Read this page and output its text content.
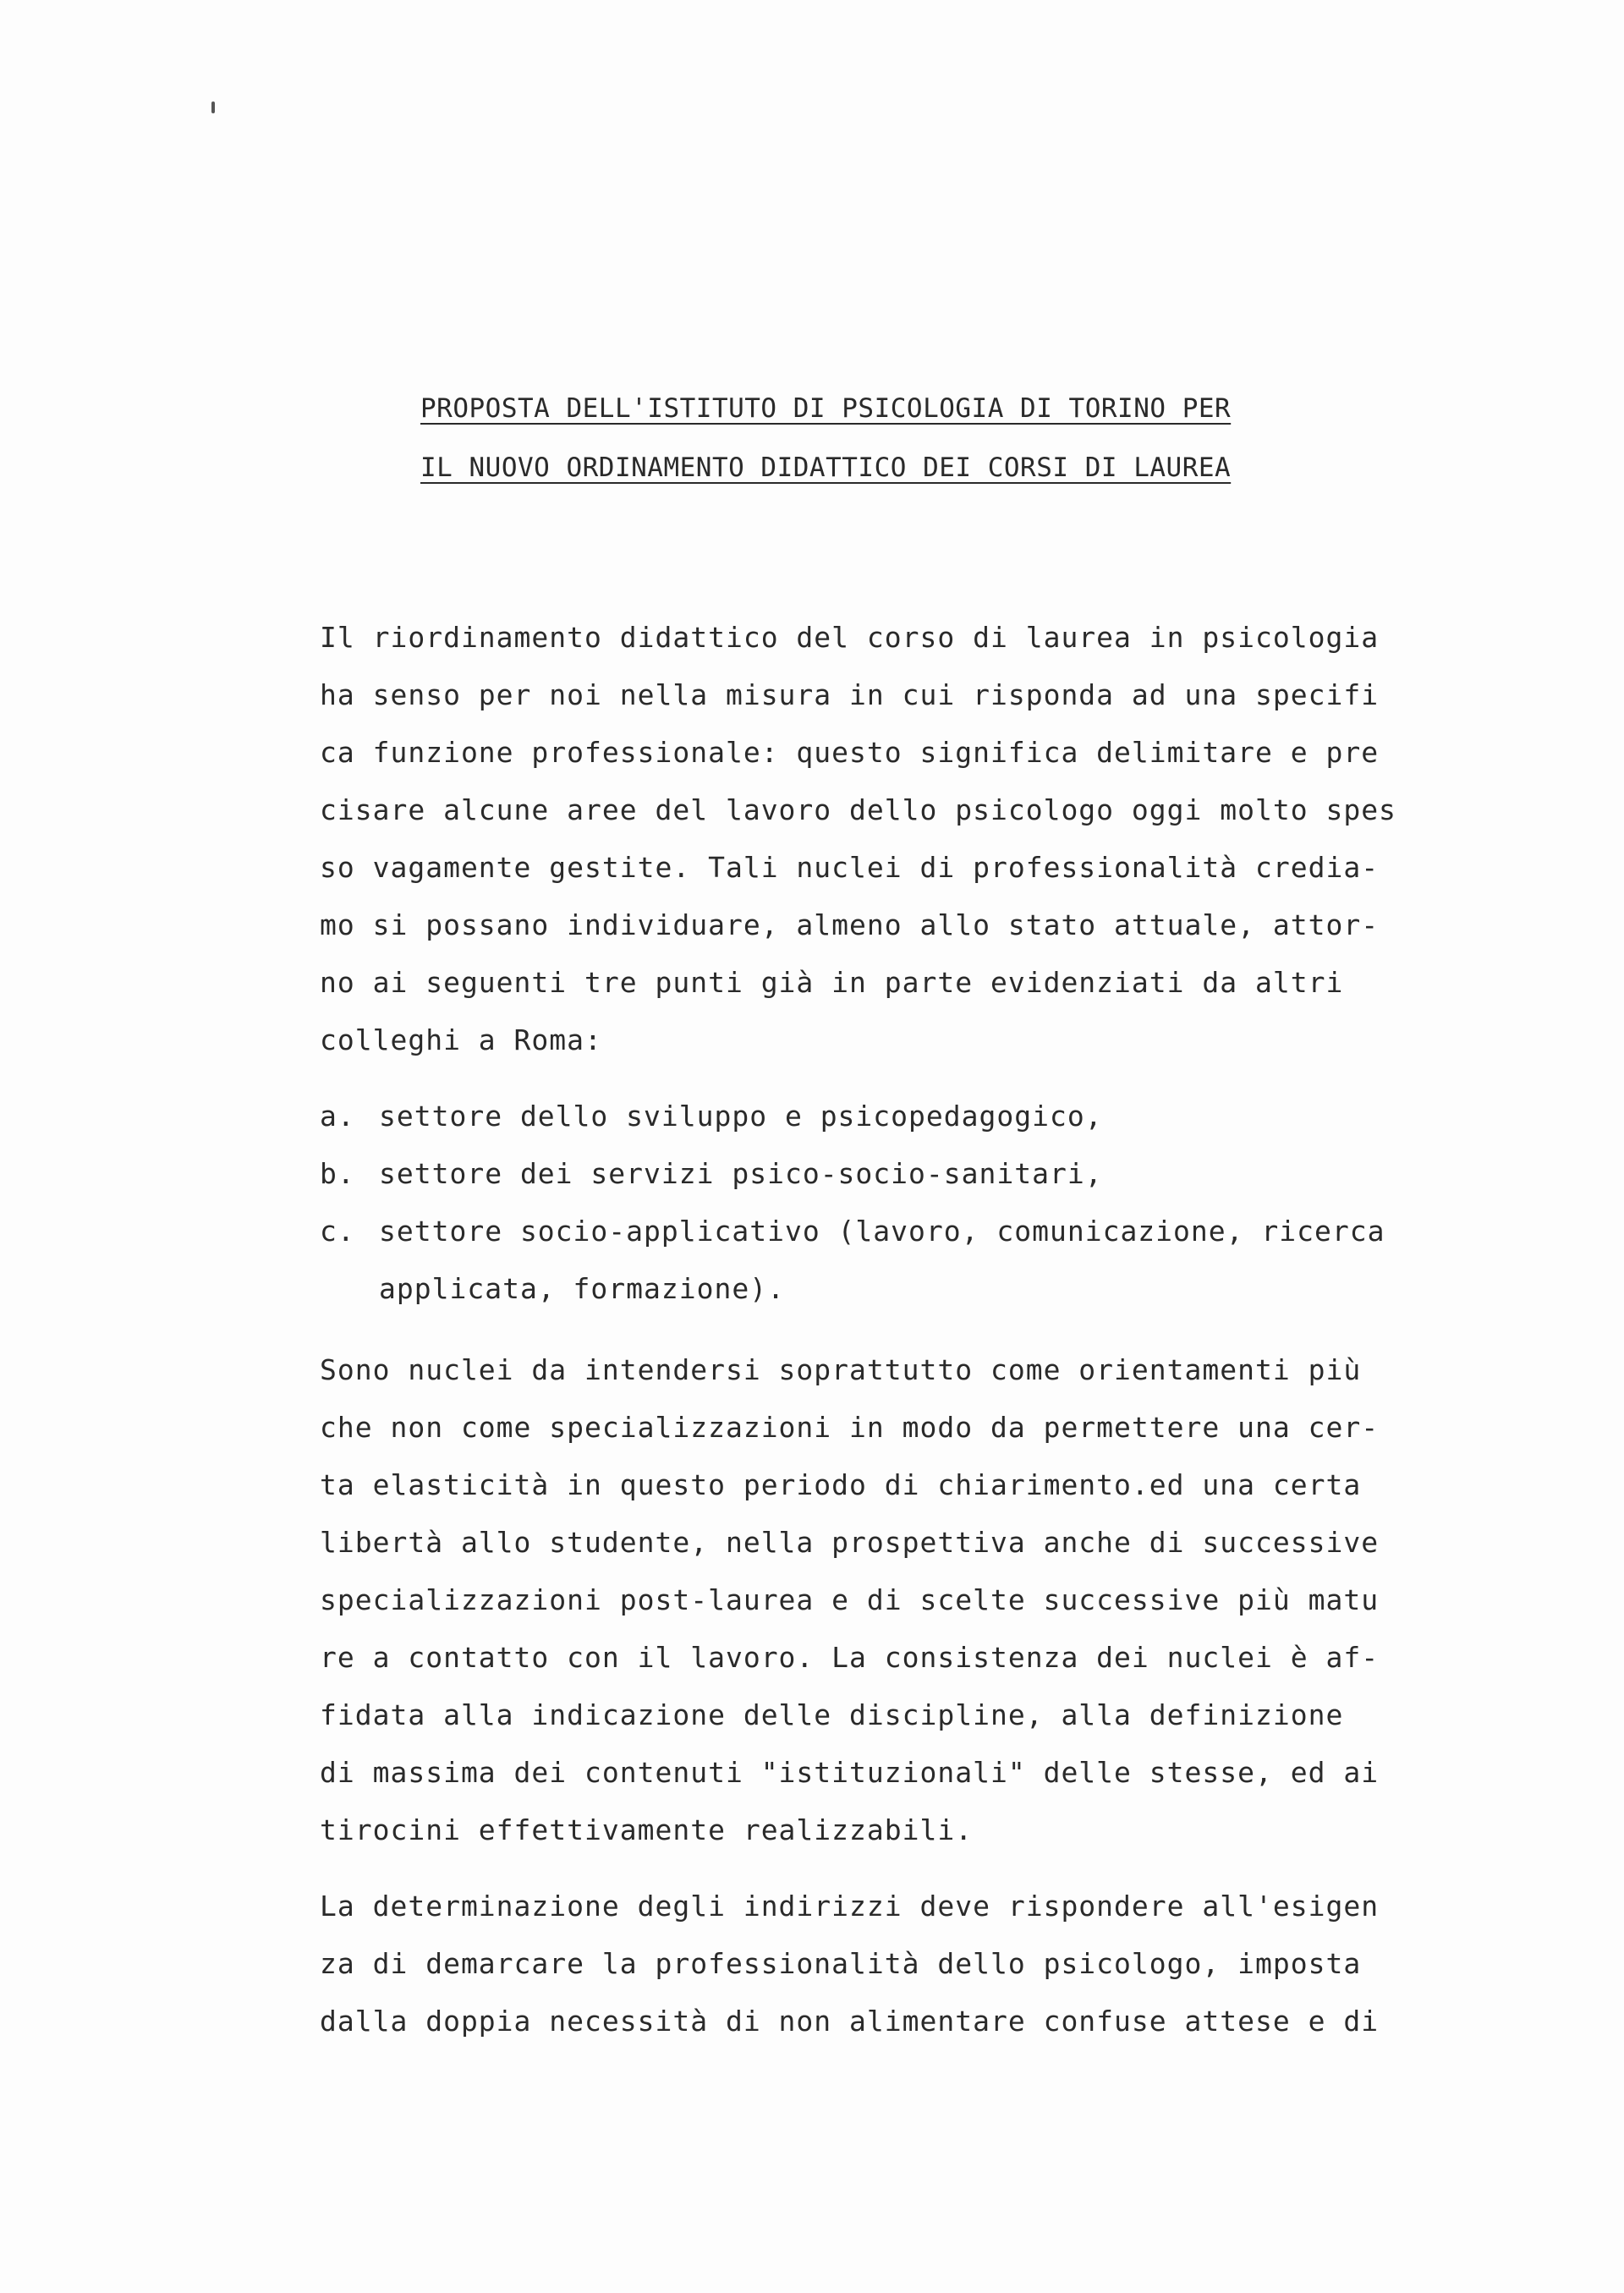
PROPOSTA DELL'ISTITUTO DI PSICOLOGIA DI TORINO PER
IL NUOVO ORDINAMENTO DIDATTICO DEI CORSI DI LAUREA
Il riordinamento didattico del corso di laurea in psicologia
ha senso per noi nella misura in cui risponda ad una specifi
ca funzione professionale: questo significa delimitare e pre
cisare alcune aree del lavoro dello psicologo oggi molto spes
so vagamente gestite. Tali nuclei di professionalità credia-
mo si possano individuare, almeno allo stato attuale, attor-
no ai seguenti tre punti già in parte evidenziati da altri
colleghi a Roma:
a. settore dello sviluppo e psicopedagogico,
b. settore dei servizi psico-socio-sanitari,
c. settore socio-applicativo (lavoro, comunicazione, ricerca
applicata, formazione).
Sono nuclei da intendersi soprattutto come orientamenti più
che non come specializzazioni in modo da permettere una cer-
ta elasticità in questo periodo di chiarimento.ed una certa
libertà allo studente, nella prospettiva anche di successive
specializzazioni post-laurea e di scelte successive più matu
re a contatto con il lavoro. La consistenza dei nuclei è af-
fidata alla indicazione delle discipline, alla definizione
di massima dei contenuti "istituzionali" delle stesse, ed ai
tirocini effettivamente realizzabili.
La determinazione degli indirizzi deve rispondere all'esigen
za di demarcare la professionalità dello psicologo, imposta
dalla doppia necessità di non alimentare confuse attese e di
